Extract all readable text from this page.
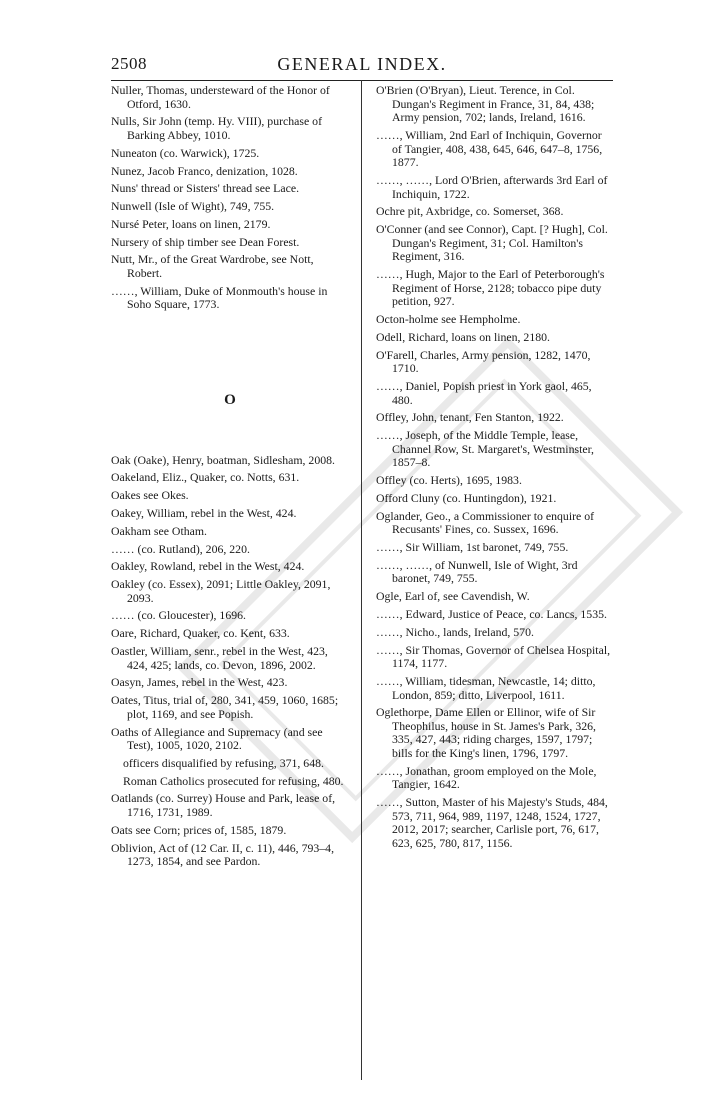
2508	GENERAL INDEX.

Nuller, Thomas, understeward of the Honor of Otford, 1630.

Nulls, Sir John (temp. Hy. VIII), purchase of Barking Abbey, 1010.

Nuneaton (co. Warwick), 1725.

Nunez, Jacob Franco, denization, 1028.

Nuns' thread or Sisters' thread see Lace.

Nunwell (Isle of Wight), 749, 755.

Nursé Peter, loans on linen, 2179.

Nursery of ship timber see Dean Forest.

Nutt, Mr., of the Great Wardrobe, see Nott, Robert.

……, William, Duke of Monmouth's house in Soho Square, 1773.

O

Oak (Oake), Henry, boatman, Sidlesham, 2008.

Oakeland, Eliz., Quaker, co. Notts, 631.

Oakes see Okes.

Oakey, William, rebel in the West, 424.

Oakham see Otham.

…… (co. Rutland), 206, 220.

Oakley, Rowland, rebel in the West, 424.

Oakley (co. Essex), 2091; Little Oakley, 2091, 2093.

…… (co. Gloucester), 1696.

Oare, Richard, Quaker, co. Kent, 633.

Oastler, William, senr., rebel in the West, 423, 424, 425; lands, co. Devon, 1896, 2002.

Oasyn, James, rebel in the West, 423.

Oates, Titus, trial of, 280, 341, 459, 1060, 1685; plot, 1169, and see Popish.

Oaths of Allegiance and Supremacy (and see Test), 1005, 1020, 2102.

officers disqualified by refusing, 371, 648.

Roman Catholics prosecuted for refusing, 480.

Oatlands (co. Surrey) House and Park, lease of, 1716, 1731, 1989.

Oats see Corn; prices of, 1585, 1879.

Oblivion, Act of (12 Car. II, c. 11), 446, 793–4, 1273, 1854, and see Pardon.

O'Brien (O'Bryan), Lieut. Terence, in Col. Dungan's Regiment in France, 31, 84, 438; Army pension, 702; lands, Ireland, 1616.

……, William, 2nd Earl of Inchiquin, Governor of Tangier, 408, 438, 645, 646, 647–8, 1756, 1877.

……, ……, Lord O'Brien, afterwards 3rd Earl of Inchiquin, 1722.

Ochre pit, Axbridge, co. Somerset, 368.

O'Conner (and see Connor), Capt. [? Hugh], Col. Dungan's Regiment, 31; Col. Hamilton's Regiment, 316.

……, Hugh, Major to the Earl of Peterborough's Regiment of Horse, 2128; tobacco pipe duty petition, 927.

Octon-holme see Hempholme.

Odell, Richard, loans on linen, 2180.

O'Farell, Charles, Army pension, 1282, 1470, 1710.

……, Daniel, Popish priest in York gaol, 465, 480.

Offley, John, tenant, Fen Stanton, 1922.

……, Joseph, of the Middle Temple, lease, Channel Row, St. Margaret's, Westminster, 1857–8.

Offley (co. Herts), 1695, 1983.

Offord Cluny (co. Huntingdon), 1921.

Oglander, Geo., a Commissioner to enquire of Recusants' Fines, co. Sussex, 1696.

……, Sir William, 1st baronet, 749, 755.

……, ……, of Nunwell, Isle of Wight, 3rd baronet, 749, 755.

Ogle, Earl of, see Cavendish, W.

……, Edward, Justice of Peace, co. Lancs, 1535.

……, Nicho., lands, Ireland, 570.

……, Sir Thomas, Governor of Chelsea Hospital, 1174, 1177.

……, William, tidesman, Newcastle, 14; ditto, London, 859; ditto, Liverpool, 1611.

Oglethorpe, Dame Ellen or Ellinor, wife of Sir Theophilus, house in St. James's Park, 326, 335, 427, 443; riding charges, 1597, 1797; bills for the King's linen, 1796, 1797.

……, Jonathan, groom employed on the Mole, Tangier, 1642.

……, Sutton, Master of his Majesty's Studs, 484, 573, 711, 964, 989, 1197, 1248, 1524, 1727, 2012, 2017; searcher, Carlisle port, 76, 617, 623, 625, 780, 817, 1156.
